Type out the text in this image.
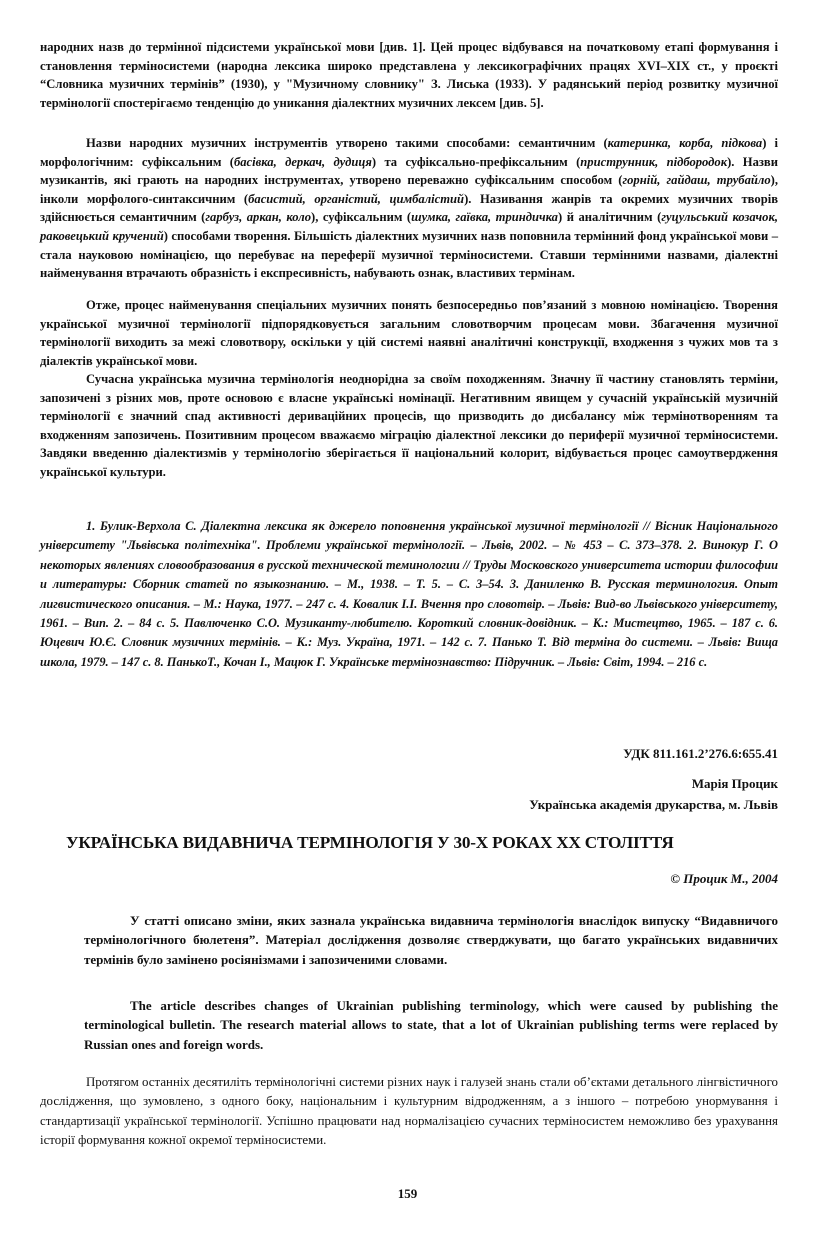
народних назв до термінної підсистеми української мови [див. 1]. Цей процес відбувався на початковому етапі формування і становлення терміносистеми (народна лексика широко представлена у лексикографічних працях XVI–XIX ст., у проєкті “Словника музичних термінів” (1930), у "Музичному словнику" З. Лиська (1933). У радянський період розвитку музичної термінології спостерігаємо тенденцію до уникання діалектних музичних лексем [див. 5].

Назви народних музичних інструментів утворено такими способами: семантичним (катеринка, корба, підкова) і морфологічним: суфіксальним (басівка, деркач, дудиця) та суфіксально-префіксальним (приструнник, підбородок). Назви музикантів, які грають на народних інструментах, утворено переважно суфіксальним способом (горній, гайдаш, трубайло), інколи морфолого-синтаксичним (басистий, органістий, цимбалістий). Називання жанрів та окремих музичних творів здійснюється семантичним (гарбуз, аркан, коло), суфіксальним (шумка, гаївка, триндичка) й аналітичним (гуцульський козачок, раковецький кручений) способами творення. Більшість діалектних музичних назв поповнила термінний фонд української мови – стала науковою номінацією, що перебуває на переферії музичної терміносистеми. Ставши термінними назвами, діалектні найменування втрачають образність і експресивність, набувають ознак, властивих термінам.

Отже, процес найменування спеціальних музичних понять безпосередньо пов’язаний з мовною номінацією. Творення української музичної термінології підпорядковується загальним словотворчим процесам мови. Збагачення музичної термінології виходить за межі словотвору, оскільки у цій системі наявні аналітичні конструкції, входження з чужих мов та з діалектів української мови.

Сучасна українська музична термінологія неоднорідна за своїм походженням. Значну її частину становлять терміни, запозичені з різних мов, проте основою є власне українські номінації. Негативним явищем у сучасній українській музичній термінології є значний спад активності дериваційних процесів, що призводить до дисбалансу між термінотворенням та входженням запозичень. Позитивним процесом вважаємо міграцію діалектної лексики до периферії музичної терміносистеми. Завдяки введенню діалектизмів у термінологію зберігається її національний колорит, відбувається процес самоутвердження української культури.

1. Булик-Верхола С. Діалектна лексика як джерело поповнення української музичної термінології // Вісник Національного університету "Львівська політехніка". Проблеми української термінології. – Львів, 2002. – № 453 – С. 373–378. 2. Винокур Г. О некоторых явлениях словообразования в русской технической теминологии // Труды Московского университета истории философии и литературы: Сборник статей по языкознанию. – М., 1938. – Т. 5. – С. 3–54. 3. Даниленко В. Русская терминология. Опыт лигвистического описания. – М.: Наука, 1977. – 247 с. 4. Ковалик І.І. Вчення про словотвір. – Львів: Вид-во Львівського університету, 1961. – Вип. 2. – 84 с. 5. Павлюченко С.О. Музиканту-любителю. Короткий словник-довідник. – К.: Мистецтво, 1965. – 187 с. 6. Юцевич Ю.Є. Словник музичних термінів. – К.: Муз. Україна, 1971. – 142 с. 7. Панько Т. Від терміна до системи. – Львів: Вища школа, 1979. – 147 с. 8. ПанькоТ., Кочан І., Мацюк Г. Українське термінознавство: Підручник. – Львів: Світ, 1994. – 216 с.

УДК 811.161.2’276.6:655.41

Марія Процик

Українська академія друкарства, м. Львів

УКРАЇНСЬКА ВИДАВНИЧА ТЕРМІНОЛОГІЯ У 30-Х РОКАХ ХХ СТОЛІТТЯ

© Процик М., 2004

У статті описано зміни, яких зазнала українська видавнича термінологія внаслідок випуску “Видавничого термінологічного бюлетеня”. Матеріал дослідження дозволяє стверджувати, що багато українських видавничих термінів було замінено росіянізмами і запозиченими словами.

The article describes changes of Ukrainian publishing terminology, which were caused by publishing the terminological bulletin. The research material allows to state, that a lot of Ukrainian publishing terms were replaced by Russian ones and foreign words.

Протягом останніх десятиліть термінологічні системи різних наук і галузей знань стали об’єктами детального лінгвістичного дослідження, що зумовлено, з одного боку, національним і культурним відродженням, а з іншого – потребою унормування і стандартизації української термінології. Успішно працювати над нормалізацією сучасних терміносистем неможливо без урахування історії формування кожної окремої терміносистеми.

159
